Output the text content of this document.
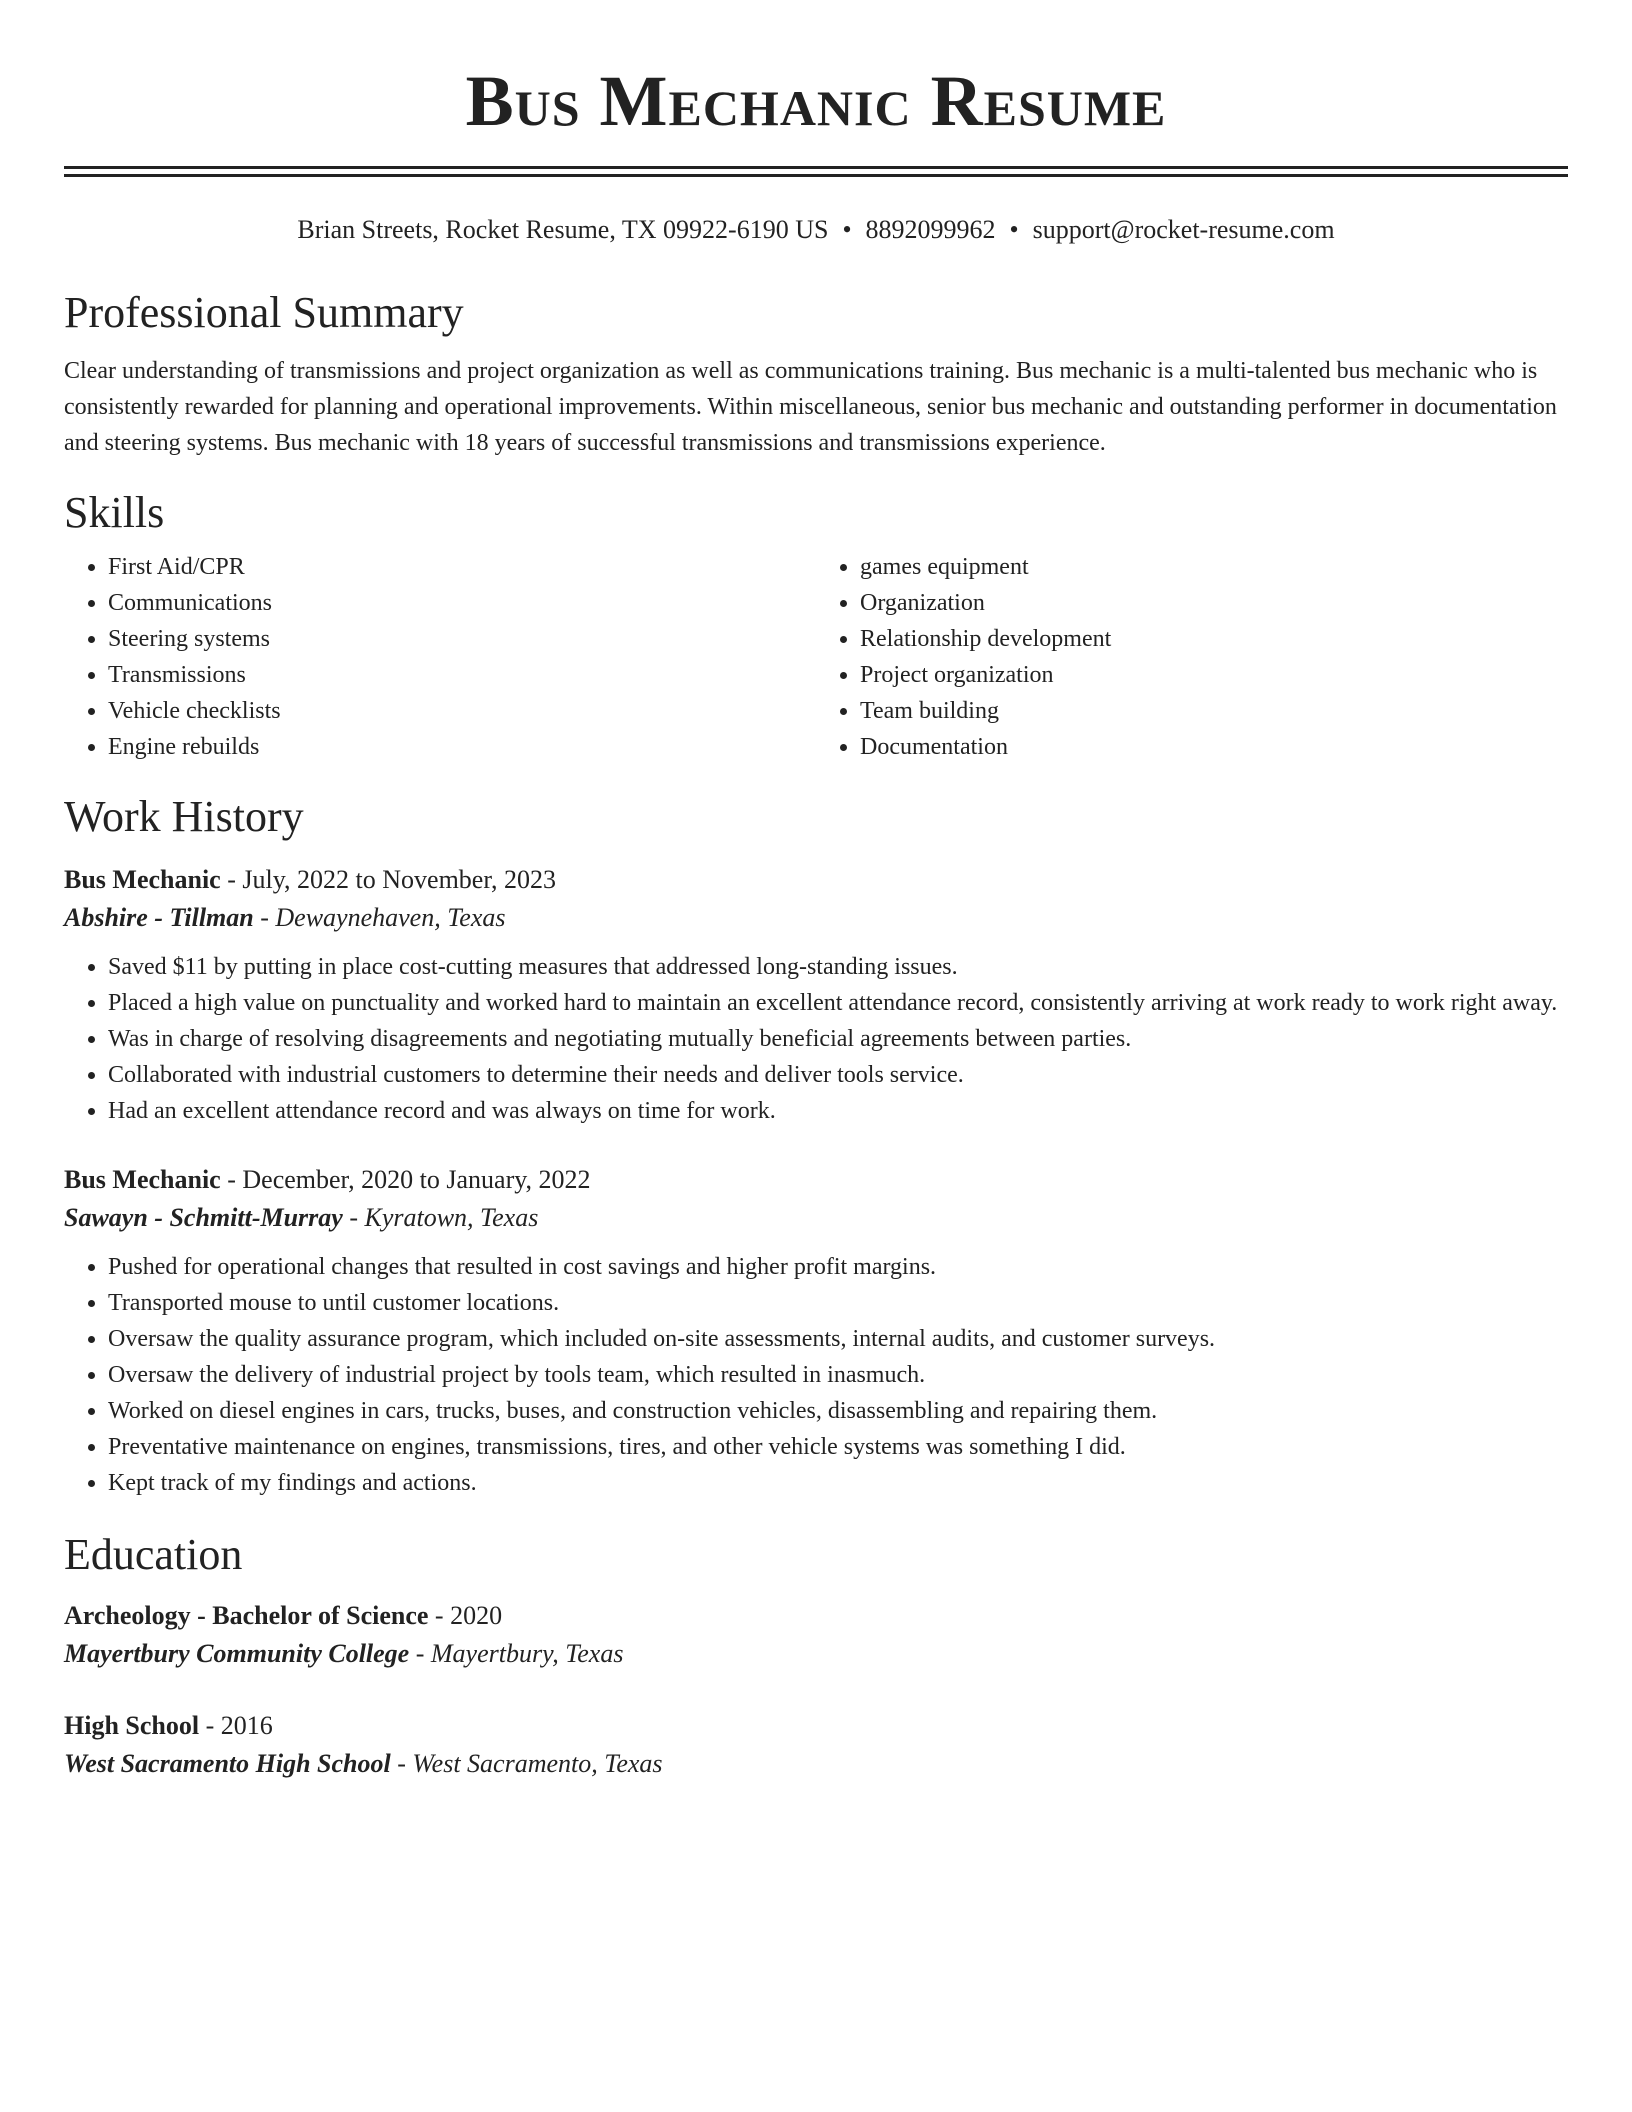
Bus Mechanic Resume
Brian Streets, Rocket Resume, TX 09922-6190 US • 8892099962 • support@rocket-resume.com
Professional Summary

Clear understanding of transmissions and project organization as well as communications training. Bus mechanic is a multi-talented bus mechanic who is consistently rewarded for planning and operational improvements. Within miscellaneous, senior bus mechanic and outstanding performer in documentation and steering systems. Bus mechanic with 18 years of successful transmissions and transmissions experience.

Skills
• First Aid/CPR
• Communications
• Steering systems
• Transmissions
• Vehicle checklists
• Engine rebuilds
• games equipment
• Organization
• Relationship development
• Project organization
• Team building
• Documentation
Work History
Bus Mechanic - July, 2022 to November, 2023
Abshire - Tillman - Dewaynehaven, Texas
• Saved $11 by putting in place cost-cutting measures that addressed long-standing issues.
• Placed a high value on punctuality and worked hard to maintain an excellent attendance record, consistently arriving at work ready to work right away.
• Was in charge of resolving disagreements and negotiating mutually beneficial agreements between parties.
• Collaborated with industrial customers to determine their needs and deliver tools service.
• Had an excellent attendance record and was always on time for work.
Bus Mechanic - December, 2020 to January, 2022
Sawayn - Schmitt-Murray - Kyratown, Texas
• Pushed for operational changes that resulted in cost savings and higher profit margins.
• Transported mouse to until customer locations.
• Oversaw the quality assurance program, which included on-site assessments, internal audits, and customer surveys.
• Oversaw the delivery of industrial project by tools team, which resulted in inasmuch.
• Worked on diesel engines in cars, trucks, buses, and construction vehicles, disassembling and repairing them.
• Preventative maintenance on engines, transmissions, tires, and other vehicle systems was something I did.
• Kept track of my findings and actions.
Education
Archeology - Bachelor of Science - 2020
Mayertbury Community College - Mayertbury, Texas
High School - 2016
West Sacramento High School - West Sacramento, Texas
